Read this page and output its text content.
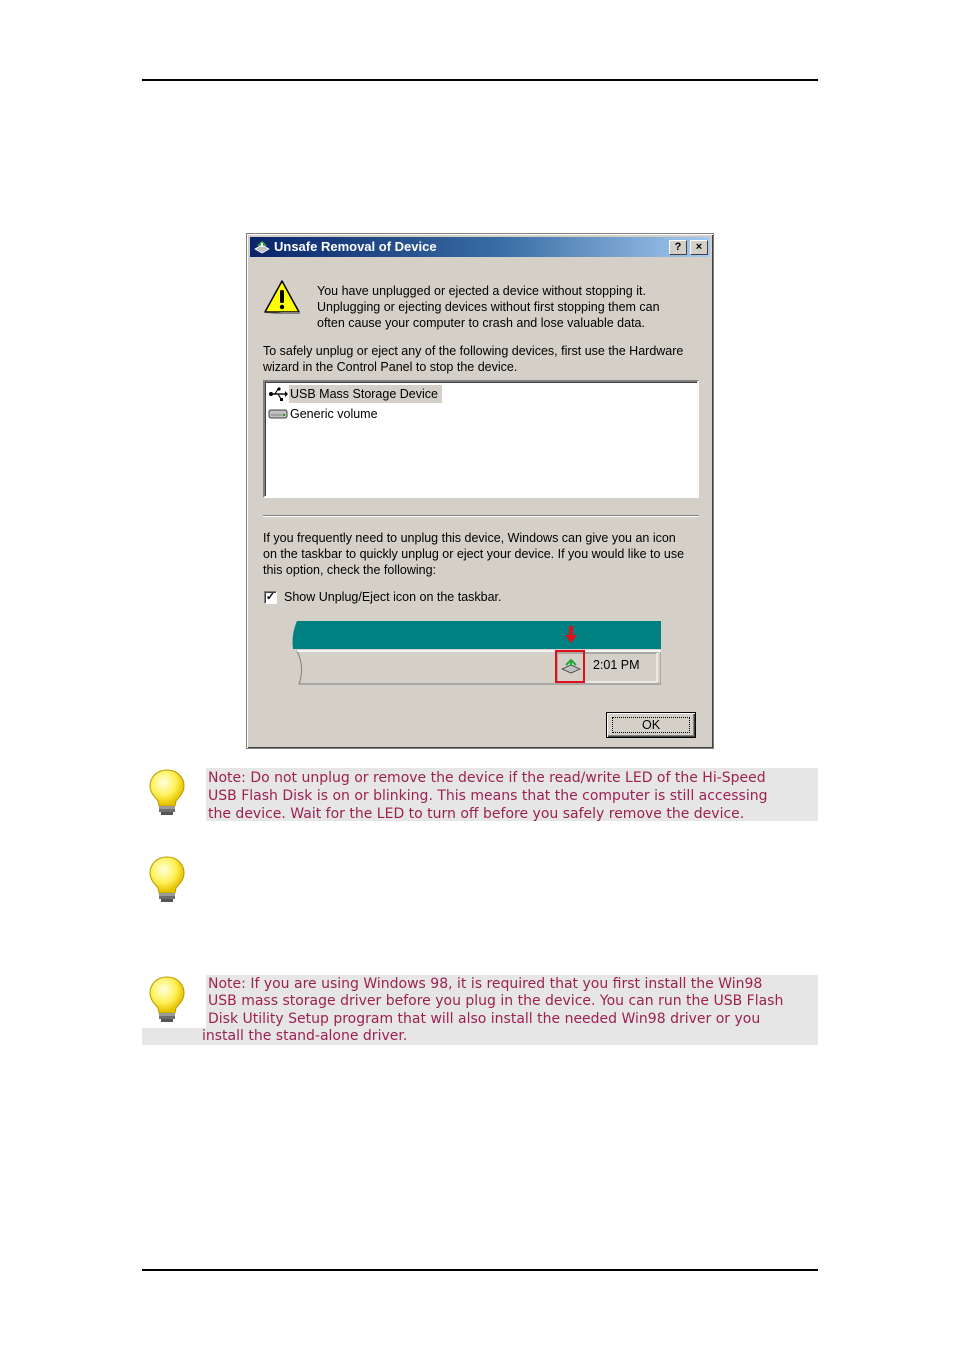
Unsafe Removal of Device	?	×
You have unplugged or ejected a device without stopping it.
Unplugging or ejecting devices without first stopping them can
often cause your computer to crash and lose valuable data.
To safely unplug or eject any of the following devices, first use the Hardware
wizard in the Control Panel to stop the device.
USB Mass Storage Device
Generic volume
If you frequently need to unplug this device, Windows can give you an icon
on the taskbar to quickly unplug or eject your device. If you would like to use
this option, check the following:
✓ Show Unplug/Eject icon on the taskbar.
2:01 PM
OK
Note: Do not unplug or remove the device if the read/write LED of the Hi-Speed
USB Flash Disk is on or blinking. This means that the computer is still accessing
the device. Wait for the LED to turn off before you safely remove the device.
Note: If you are using Windows 98, it is required that you first install the Win98
USB mass storage driver before you plug in the device. You can run the USB Flash
Disk Utility Setup program that will also install the needed Win98 driver or you
install the stand-alone driver.
